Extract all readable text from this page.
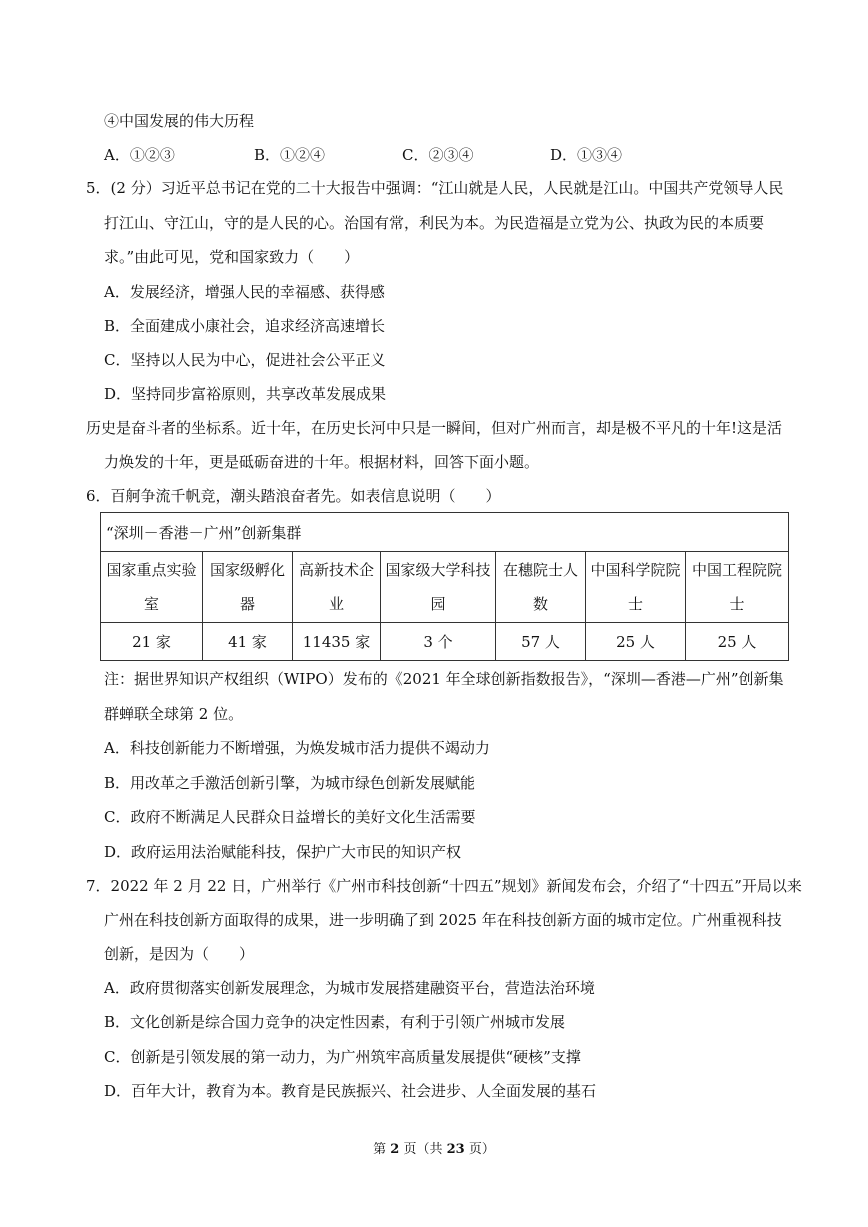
④中国发展的伟大历程
A．①②③	B．①②④	C．②③④	D．①③④
5．(2 分）习近平总书记在党的二十大报告中强调：“江山就是人民，人民就是江山。中国共产党领导人民
打江山、守江山，守的是人民的心。治国有常，利民为本。为民造福是立党为公、执政为民的本质要
求。”由此可见，党和国家致力（　　）
A．发展经济，增强人民的幸福感、获得感
B．全面建成小康社会，追求经济高速增长
C．坚持以人民为中心，促进社会公平正义
D．坚持同步富裕原则，共享改革发展成果
历史是奋斗者的坐标系。近十年，在历史长河中只是一瞬间，但对广州而言，却是极不平凡的十年!这是活
力焕发的十年，更是砥砺奋进的十年。根据材料，回答下面小题。
6．百舸争流千帆竞，潮头踏浪奋者先。如表信息说明（　　）
“深圳－香港－广州”创新集群						
国家重点实验室	国家级孵化器	高新技术企业	国家级大学科技园	在穗院士人数	中国科学院院士	中国工程院院士
21 家	41 家	11435 家	3 个	57 人	25 人	25 人
注：据世界知识产权组织（WIPO）发布的《2021 年全球创新指数报告》，“深圳—香港—广州”创新集
群蝉联全球第 2 位。
A．科技创新能力不断增强，为焕发城市活力提供不竭动力
B．用改革之手激活创新引擎，为城市绿色创新发展赋能
C．政府不断满足人民群众日益增长的美好文化生活需要
D．政府运用法治赋能科技，保护广大市民的知识产权
7．2022 年 2 月 22 日，广州举行《广州市科技创新“十四五”规划》新闻发布会，介绍了“十四五”开局以来
广州在科技创新方面取得的成果，进一步明确了到 2025 年在科技创新方面的城市定位。广州重视科技
创新，是因为（　　）
A．政府贯彻落实创新发展理念，为城市发展搭建融资平台，营造法治环境
B．文化创新是综合国力竞争的决定性因素，有利于引领广州城市发展
C．创新是引领发展的第一动力，为广州筑牢高质量发展提供“硬核”支撑
D．百年大计，教育为本。教育是民族振兴、社会进步、人全面发展的基石
第 2 页（共 23 页）
